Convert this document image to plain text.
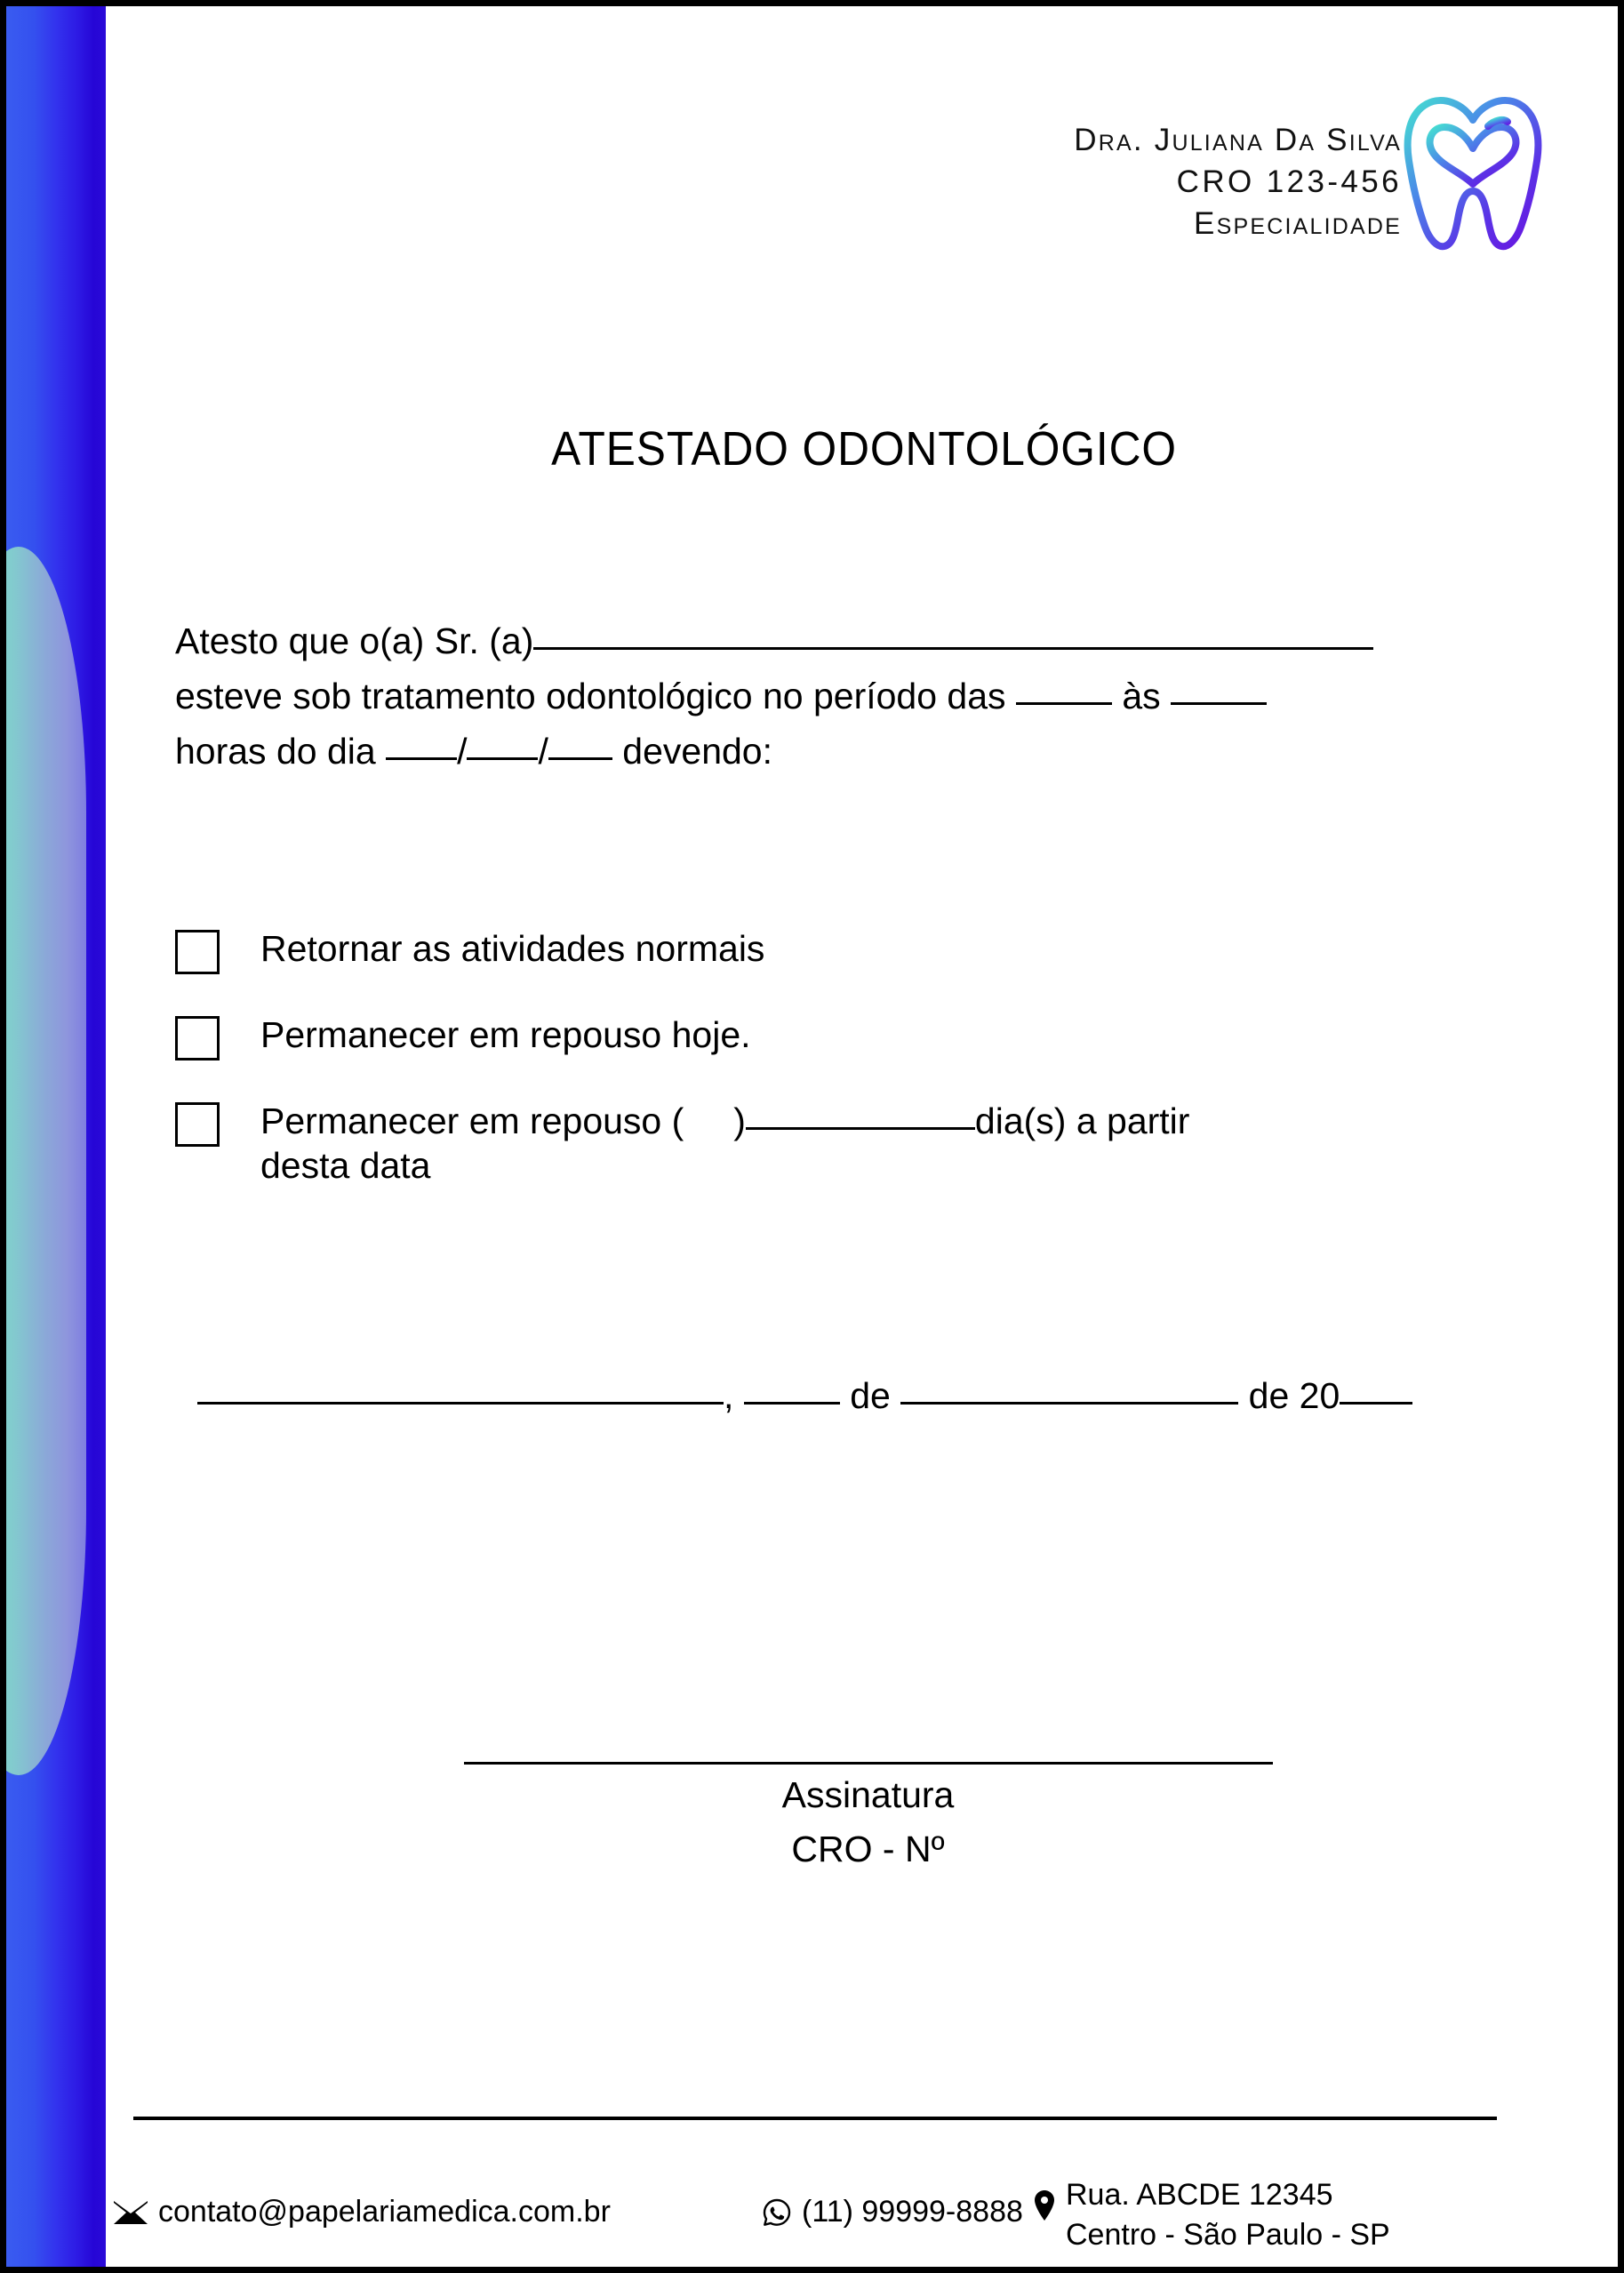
Dra. Juliana Da Silva
CRO 123-456
Especialidade
ATESTADO ODONTOLÓGICO
Atesto que o(a) Sr. (a)
esteve sob tratamento odontológico no período das	às
horas do dia / / devendo:
Retornar as atividades normais
Permanecer em repouso hoje.
Permanecer em repouso ( )	dia(s) a partir
desta data
,	de	de 20
Assinatura
CRO - Nº
contato@papelariamedica.com.br	(11) 99999-8888 Rua. ABCDE 12345
Centro - São Paulo - SP
